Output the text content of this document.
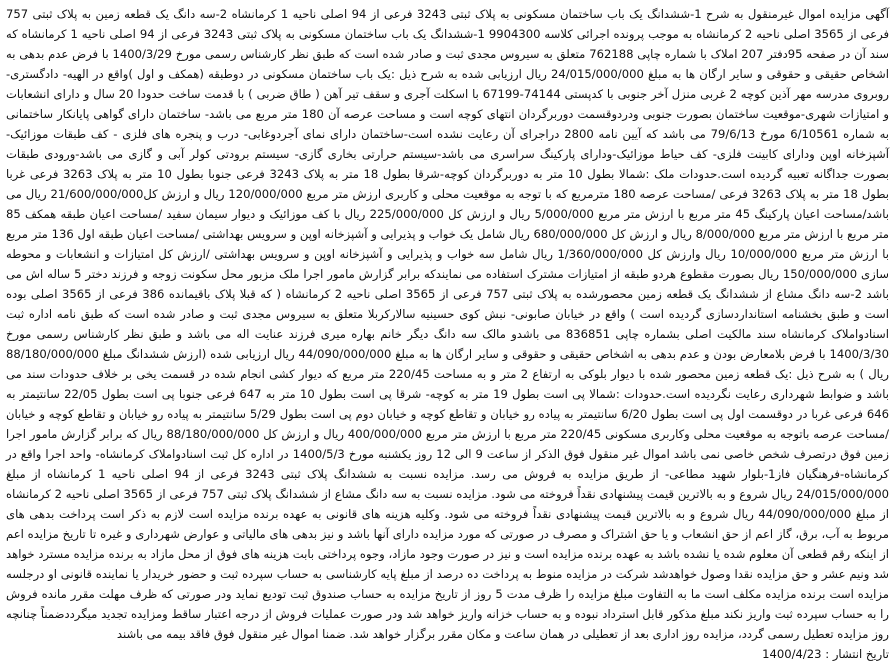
آگهی مزایده اموال غیرمنقول به شرح 1-ششدانگ یک باب ساختمان مسکونی به پلاک ثبتی 3243 فرعی از 94 اصلی ناحیه 1 کرمانشاه 2-سه دانگ یک قطعه زمین به پلاک ثبتی 757 فرعی از 3565 اصلی ناحیه 2 کرمانشاه به موجب پرونده اجرائی کلاسه 9904300 1-ششدانگ یک باب ساختمان مسکونی به پلاک ثبتی 3243 فرعی از 94 اصلی ناحیه 1 کرمانشاه که سند آن در صفحه 95دفتر 207 املاک با شماره چاپی 762188 متعلق به سیروس مجدی ثبت و صادر شده است که طبق نظر کارشناس رسمی مورخ 1400/3/29 با فرض عدم بدهی به اشخاص حقیقی و حقوقی و سایر ارگان ها به مبلغ 24/015/000/000 ریال ارزیابی شده به شرح ذیل :یک باب ساختمان مسکونی در دوطبقه (همکف و اول )واقع در الهیه- دادگستری- روبروی مدرسه مهر آذین کوچه 2 غربی منزل آخر جنوبی با کدپستی 74144-67199 با اسکلت آجری و سقف تیر آهن ( طاق ضربی ) با قدمت ساخت حدودا 20 سال و دارای انشعابات و امتیازات شهری-موقعیت ساختمان بصورت جنوبی ودردوقسمت دوربرگردان انتهای کوچه است و مساحت عرصه آن 180 متر مربع می باشد- ساختمان دارای گواهی پایانکار ساختمانی به شماره 6/10561 مورخ 79/6/13 می باشد که آیین نامه 2800 دراجرای آن رعایت نشده است-ساختمان دارای نمای آجردوغابی- درب و پنجره های فلزی - کف طبقات موزائیک- آشپزخانه اوپن ودارای کابینت فلزی- کف حیاط موزائیک-ودارای پارکینگ سراسری می باشد-سیستم حرارتی بخاری گازی- سیستم برودتی کولر آبی و گازی می باشد-ورودی طبقات بصورت جداگانه تعبیه گردیده است.حدودات ملک :شمالا بطول 10 متر به دوربرگردان کوچه-شرقا بطول 18 متر به پلاک 3243 فرعی جنوبا بطول 10 متر به پلاک 3263 فرعی غربا بطول 18 متر به پلاک 3263 فرعی /مساحت عرصه 180 مترمربع که با توجه به موقعیت محلی و کاربری ارزش متر مربع 120/000/000 ریال و ارزش کل21/600/000/000 ریال می باشد/مساحت اعیان پارکینگ 45 متر مربع با ارزش متر مربع 5/000/000 ریال و ارزش کل 225/000/000 ریال با کف موزائیک و دیوار سیمان سفید /مساحت اعیان طبقه همکف 85 متر مربع با ارزش متر مربع 8/000/000 ریال و ارزش کل 680/000/000 ریال شامل یک خواب و پذیرایی و آشپزخانه اوپن و سرویس بهداشتی /مساحت اعیان طبقه اول 136 متر مربع با ارزش متر مربع 10/000/000 ریال وارزش کل 1/360/000/000 ریال شامل سه خواب و پذیرایی و آشپزخانه اوپن و سرویس بهداشتی /ارزش کل امتیازات و انشعابات و محوطه سازی 150/000/000 ریال بصورت مقطوع هردو طبقه از امتیازات مشترک استفاده می نمایندکه برابر گزارش مامور اجرا ملک مزبور محل سکونت زوجه و فرزند دختر 5 ساله اش می باشد 2-سه دانگ مشاع از ششدانگ یک قطعه زمین محصورشده به پلاک ثبتی 757 فرعی از 3565 اصلی ناحیه 2 کرمانشاه ( که قبلا پلاک باقیمانده 386 فرعی از 3565 اصلی بوده است و طبق بخشنامه استانداردسازی گردیده است ) واقع در خیابان صابونی- نبش کوی حسینیه سالارکربلا متعلق به سیروس مجدی ثبت و صادر شده است که طبق نامه اداره ثبت اسنادواملاک کرمانشاه سند مالکیت اصلی بشماره چاپی 836851 می باشدو مالک سه دانگ دیگر خانم بهاره میری فرزند عنایت اله می باشد و طبق نظر کارشناس رسمی مورخ 1400/3/30 با فرض بلامعارض بودن و عدم بدهی به اشخاص حقیقی و حقوقی و سایر ارگان ها به مبلغ 44/090/000/000 ریال ارزیابی شده (ارزش ششدانگ مبلغ 88/180/000/000 ریال ) به شرح ذیل :یک قطعه زمین محصور شده با دیوار بلوکی به ارتفاع 2 متر و به مساحت 220/45 متر مربع که دیوار کشی انجام شده در قسمت یخی بر خلاف حدودات سند می باشد و ضوابط شهرداری رعایت نگردیده است.حدودات :شمالا پی است بطول 19 متر به کوچه- شرقا پی است بطول 10 متر به 647 فرعی جنوبا پی است بطول 22/05 سانتیمتر به 646 فرعی غربا در دوقسمت اول پی است بطول 6/20 سانتیمتر به پیاده رو خیابان و تقاطع کوچه و خیابان دوم پی است بطول 5/29 سانتیمتر به پیاده رو خیابان و تقاطع کوچه و خیابان /مساحت عرصه باتوجه به موقعیت محلی وکاربری مسکونی 220/45 متر مربع با ارزش متر مربع 400/000/000 ریال و ارزش کل 88/180/000/000 ریال که برابر گزارش مامور اجرا زمین فوق درتصرف شخص خاصی نمی باشد اموال غیر منقول فوق الذکر از ساعت 9 الی 12 روز یکشنبه مورخ 1400/5/3 در اداره کل ثبت اسنادواملاک کرمانشاه- واحد اجرا واقع در کرمانشاه-فرهنگیان فاز1-بلوار شهید مطاعی- از طریق مزایده به فروش می رسد. مزایده نسبت به ششدانگ پلاک ثبتی 3243 فرعی از 94 اصلی ناحیه 1 کرمانشاه از مبلغ 24/015/000/000 ریال شروع و به بالاترین قیمت پیشنهادی نقداً فروخته می شود. مزایده نسبت به سه دانگ مشاع از ششدانگ پلاک ثبتی 757 فرعی از 3565 اصلی ناحیه 2 کرمانشاه از مبلغ 44/090/000/000 ریال شروع و به بالاترین قیمت پیشنهادی نقداً فروخته می شود. وکلیه هزینه های قانونی به عهده برنده مزایده است لازم به ذکر است پرداخت بدهی های مربوط به آب، برق، گاز اعم از حق انشعاب و یا حق اشتراک و مصرف در صورتی که مورد مزایده دارای آنها باشد و نیز بدهی های مالیاتی و عوارض شهرداری و غیره تا تاریخ مزایده اعم از اینکه رقم قطعی آن معلوم شده یا نشده باشد به عهده برنده مزایده است و نیز در صورت وجود مازاد، وجوه پرداختی بابت هزینه های فوق از محل مازاد به برنده مزایده مسترد خواهد شد ونیم عشر و حق مزایده نقدا وصول خواهدشد شرکت در مزایده منوط به پرداخت ده درصد از مبلغ پایه کارشناسی به حساب سپرده ثبت و حضور خریدار یا نماینده قانونی او درجلسه مزایده است برنده مزایده مکلف است ما به التفاوت مبلغ مزایده را ظرف مدت 5 روز از تاریخ مزایده به حساب صندوق ثبت توديع نمايد ودر صورتی که ظرف مهلت مقرر مانده فروش را به حساب سپرده ثبت واریز نکند مبلغ مذکور قابل استرداد نبوده و به حساب خزانه واریز خواهد شد ودر صورت عملیات فروش از درجه اعتبار ساقط ومزایده تجدید میگرددضمناً چنانچه روز مزایده تعطیل رسمی گردد، مزایده روز اداری بعد از تعطیلی در همان ساعت و مکان مقرر برگزار خواهد شد. ضمنا اموال غیر منقول فوق فاقد بیمه می باشند

تاریخ انتشار : 1400/4/23
